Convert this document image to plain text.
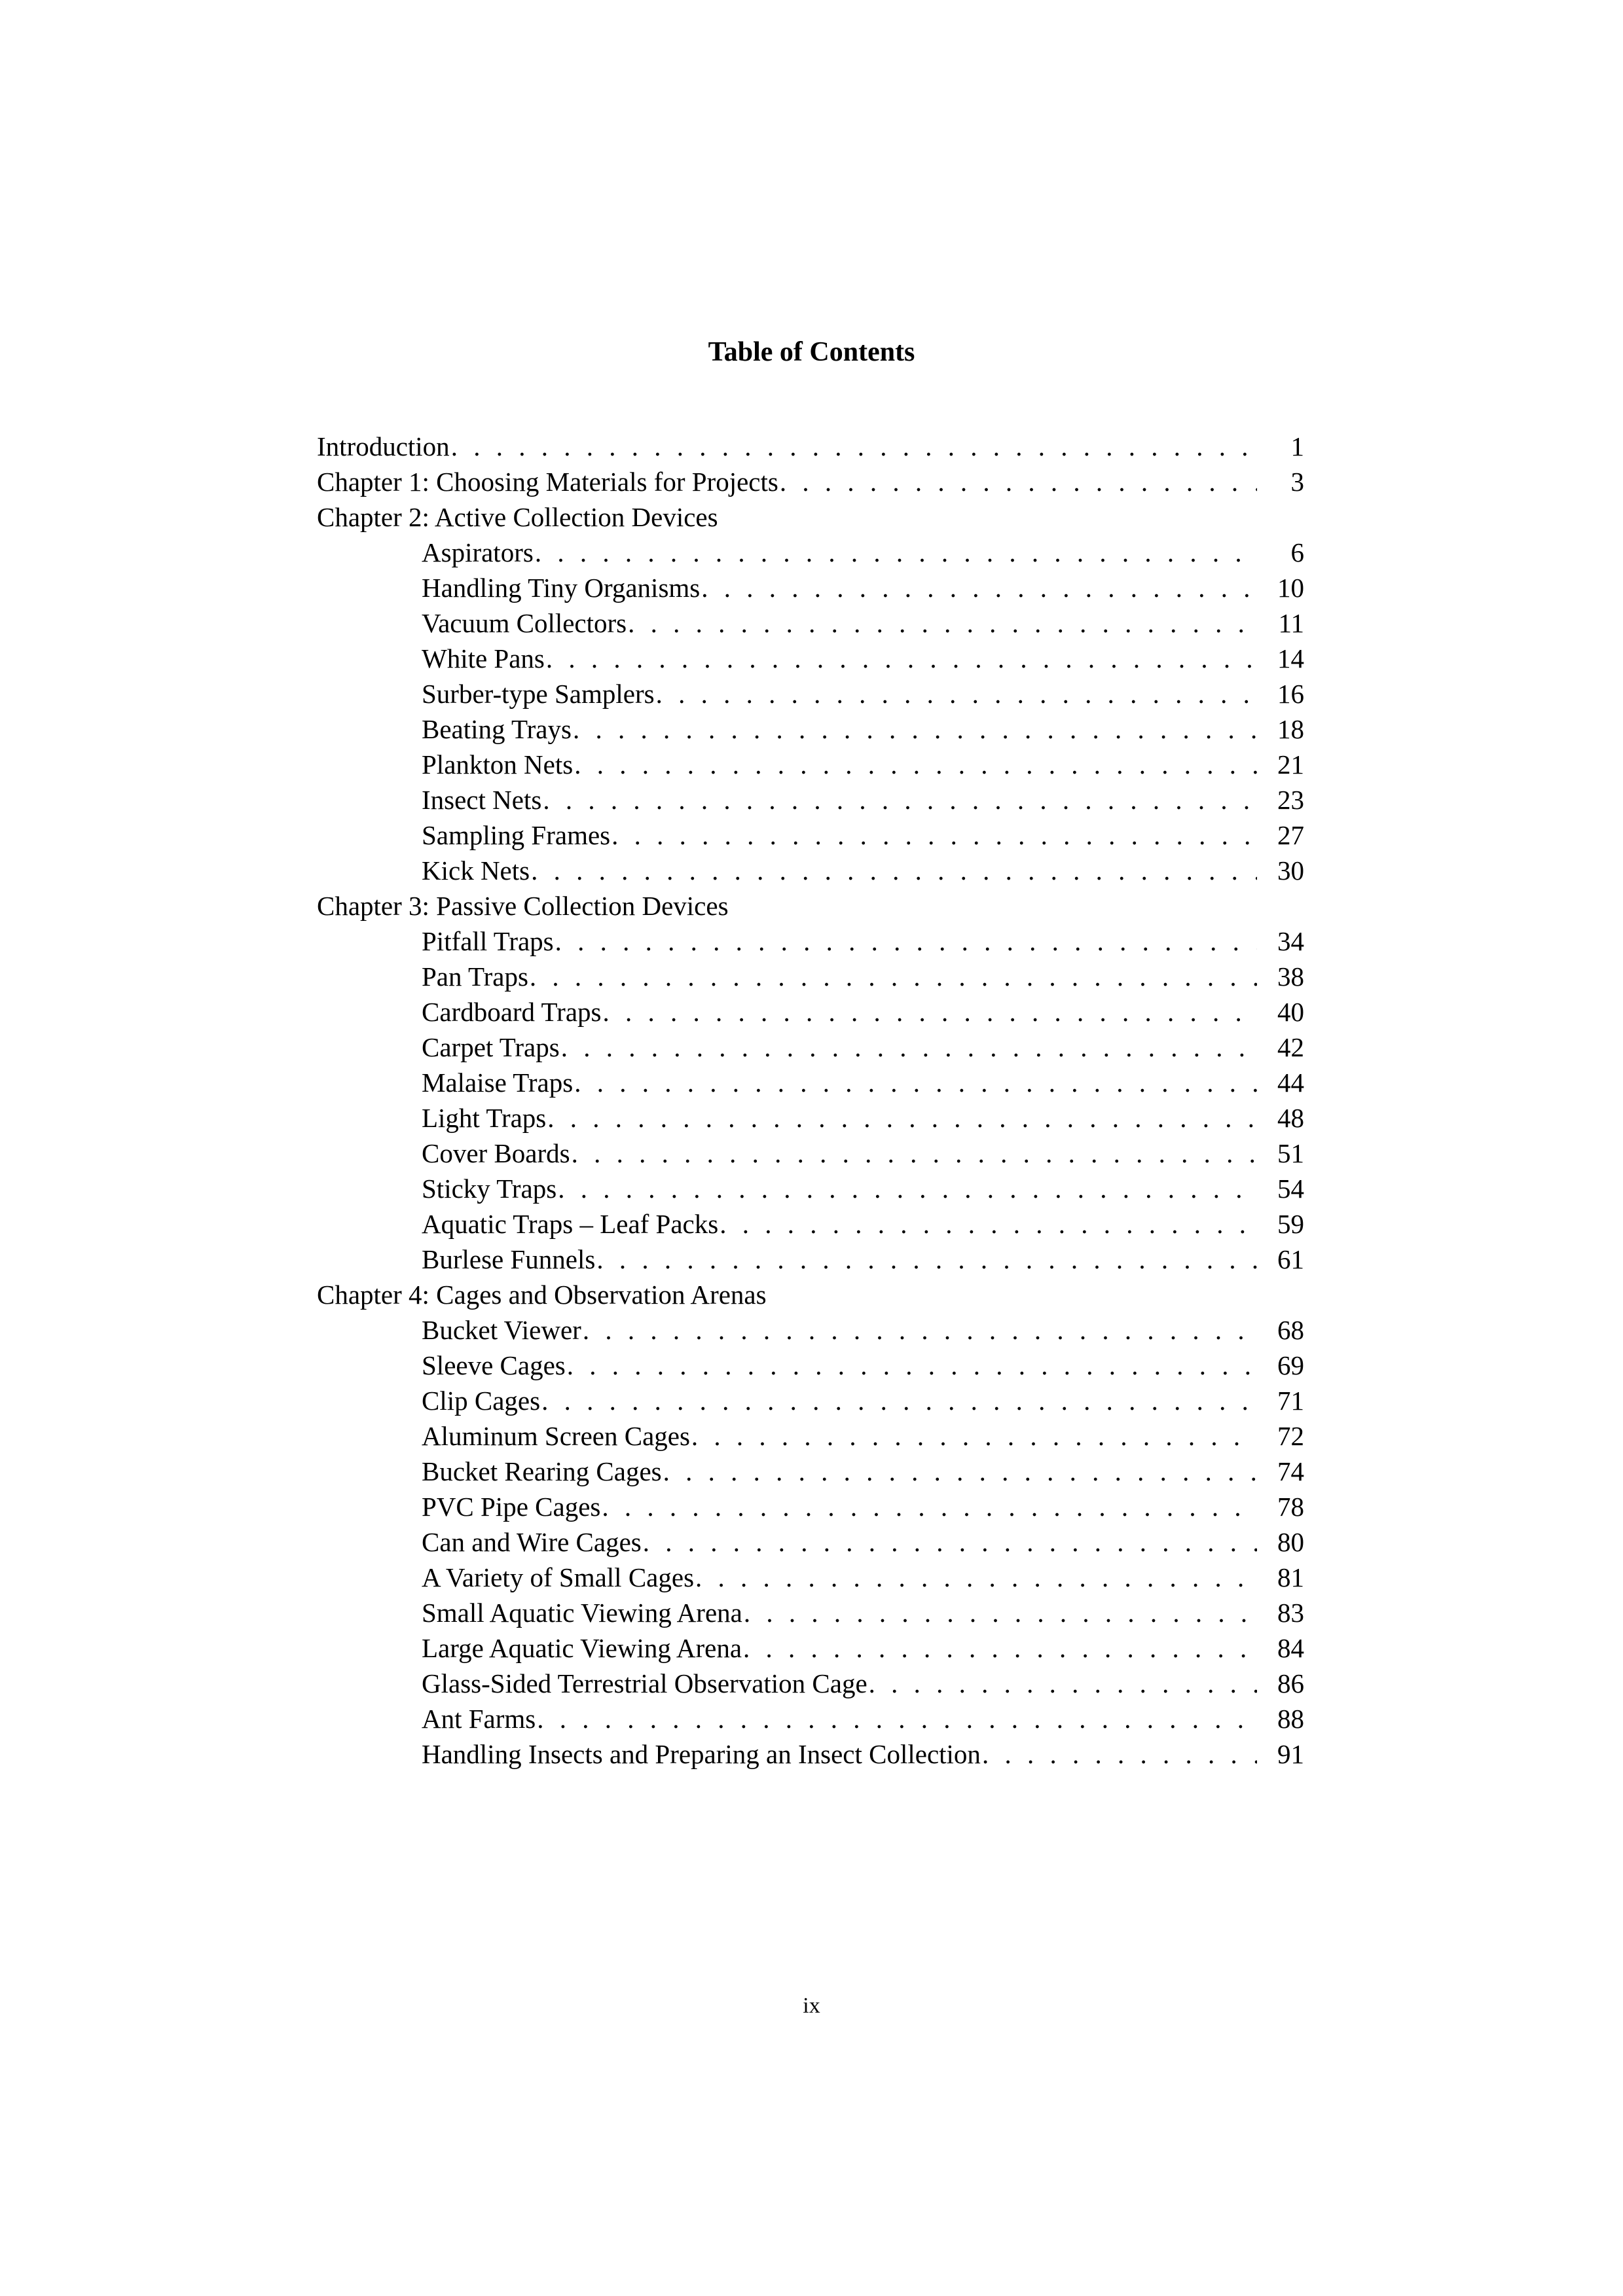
Table of Contents
Introduction . . .	1
Chapter 1: Choosing Materials for Projects . . .	3
Chapter 2: Active Collection Devices
Aspirators . . .	6
Handling Tiny Organisms . . .	10
Vacuum Collectors . . .	11
White Pans . . .	14
Surber-type Samplers . . .	16
Beating Trays . . .	18
Plankton Nets . . .	21
Insect Nets . . .	23
Sampling Frames . . .	27
Kick Nets . . .	30
Chapter 3: Passive Collection Devices
Pitfall Traps . . .	34
Pan Traps . . .	38
Cardboard Traps . . .	40
Carpet Traps . . .	42
Malaise Traps . . .	44
Light Traps . . .	48
Cover Boards . . .	51
Sticky Traps . . .	54
Aquatic Traps – Leaf Packs . . .	59
Burlese Funnels . . .	61
Chapter 4: Cages and Observation Arenas
Bucket Viewer . . .	68
Sleeve Cages . . .	69
Clip Cages . . .	71
Aluminum Screen Cages . . .	72
Bucket Rearing Cages . . .	74
PVC Pipe Cages . . .	78
Can and Wire Cages . . .	80
A Variety of Small Cages . . .	81
Small Aquatic Viewing Arena . . .	83
Large Aquatic Viewing Arena . . .	84
Glass-Sided Terrestrial Observation Cage . . .	86
Ant Farms . . .	88
Handling Insects and Preparing an Insect Collection . . .	91
ix
